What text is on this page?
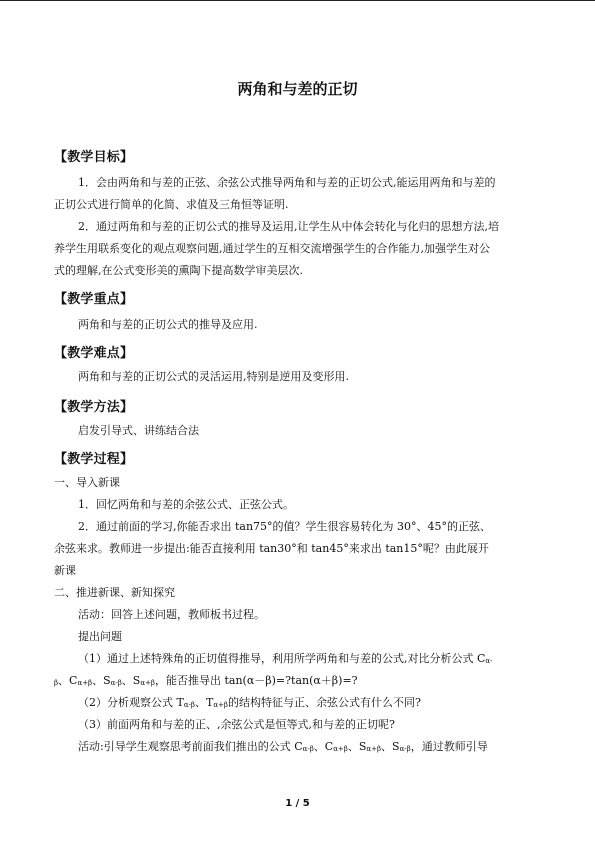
两角和与差的正切
【教学目标】
1．会由两角和与差的正弦、余弦公式推导两角和与差的正切公式,能运用两角和与差的
正切公式进行简单的化简、求值及三角恒等证明.
2．通过两角和与差的正切公式的推导及运用,让学生从中体会转化与化归的思想方法,培
养学生用联系变化的观点观察问题,通过学生的互相交流增强学生的合作能力,加强学生对公
式的理解,在公式变形美的熏陶下提高数学审美层次.
【教学重点】
两角和与差的正切公式的推导及应用.
【教学难点】
两角和与差的正切公式的灵活运用,特别是逆用及变形用.
【教学方法】
启发引导式、讲练结合法
【教学过程】
一、导入新课
1．回忆两角和与差的余弦公式、正弦公式。
2．通过前面的学习,你能否求出 tan75°的值？学生很容易转化为 30°、45°的正弦、
余弦来求。教师进一步提出:能否直接利用 tan30°和 tan45°来求出 tan15°呢？由此展开
新课
二、推进新课、新知探究
活动：回答上述问题，教师板书过程。
提出问题
（1）通过上述特殊角的正切值得推导，利用所学两角和与差的公式,对比分析公式 Cα-
β、Cα+β、Sα-β、Sα+β，能否推导出 tan(α－β)=?tan(α＋β)=?
（2）分析观察公式 Tα-β、Tα+β的结构特征与正、余弦公式有什么不同?
（3）前面两角和与差的正、,余弦公式是恒等式,和与差的正切呢?
活动:引导学生观察思考前面我们推出的公式 Cα-β、Cα+β、Sα+β、Sα-β，通过教师引导
1 / 5
